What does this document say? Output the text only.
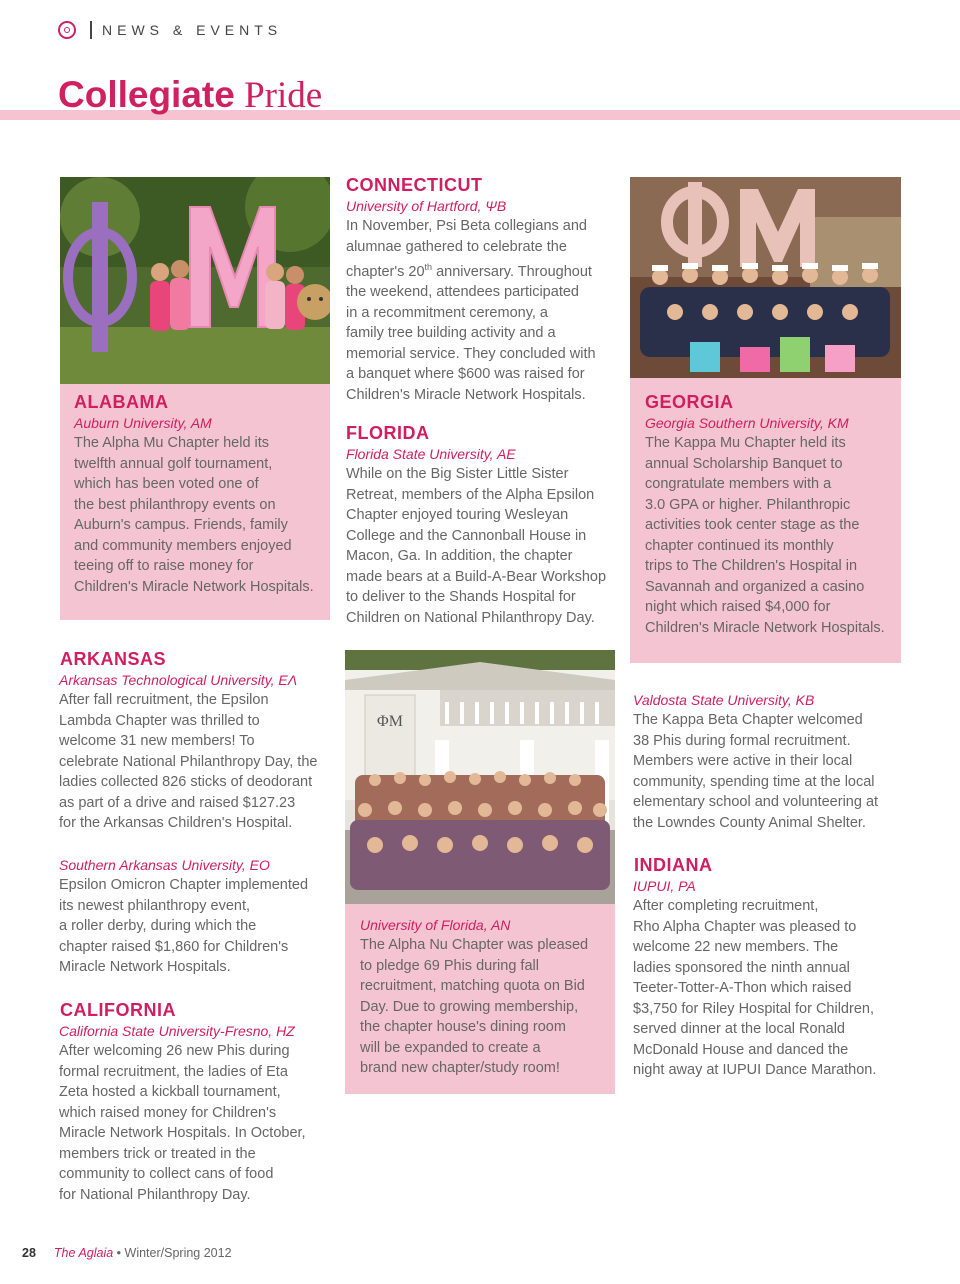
NEWS & EVENTS
Collegiate Pride
ALABAMA
Auburn University, AM
The Alpha Mu Chapter held its
twelfth annual golf tournament,
which has been voted one of
the best philanthropy events on
Auburn's campus. Friends, family
and community members enjoyed
teeing off to raise money for
Children's Miracle Network Hospitals.
ARKANSAS
Arkansas Technological University, EΛ
After fall recruitment, the Epsilon
Lambda Chapter was thrilled to
welcome 31 new members! To
celebrate National Philanthropy Day, the
ladies collected 826 sticks of deodorant
as part of a drive and raised $127.23
for the Arkansas Children's Hospital.
Southern Arkansas University, EO
Epsilon Omicron Chapter implemented
its newest philanthropy event,
a roller derby, during which the
chapter raised $1,860 for Children's
Miracle Network Hospitals.
CALIFORNIA
California State University-Fresno, HZ
After welcoming 26 new Phis during
formal recruitment, the ladies of Eta
Zeta hosted a kickball tournament,
which raised money for Children's
Miracle Network Hospitals. In October,
members trick or treated in the
community to collect cans of food
for National Philanthropy Day.
CONNECTICUT
University of Hartford, ΨB
In November, Psi Beta collegians and
alumnae gathered to celebrate the
chapter's 20th anniversary. Throughout
the weekend, attendees participated
in a recommitment ceremony, a
family tree building activity and a
memorial service. They concluded with
a banquet where $600 was raised for
Children's Miracle Network Hospitals.
FLORIDA
Florida State University, AE
While on the Big Sister Little Sister
Retreat, members of the Alpha Epsilon
Chapter enjoyed touring Wesleyan
College and the Cannonball House in
Macon, Ga. In addition, the chapter
made bears at a Build-A-Bear Workshop
to deliver to the Shands Hospital for
Children on National Philanthropy Day.
ΦM
University of Florida, AN
The Alpha Nu Chapter was pleased
to pledge 69 Phis during fall
recruitment, matching quota on Bid
Day. Due to growing membership,
the chapter house's dining room
will be expanded to create a
brand new chapter/study room!
GEORGIA
Georgia Southern University, KM
The Kappa Mu Chapter held its
annual Scholarship Banquet to
congratulate members with a
3.0 GPA or higher. Philanthropic
activities took center stage as the
chapter continued its monthly
trips to The Children's Hospital in
Savannah and organized a casino
night which raised $4,000 for
Children's Miracle Network Hospitals.
Valdosta State University, KB
The Kappa Beta Chapter welcomed
38 Phis during formal recruitment.
Members were active in their local
community, spending time at the local
elementary school and volunteering at
the Lowndes County Animal Shelter.
INDIANA
IUPUI, PA
After completing recruitment,
Rho Alpha Chapter was pleased to
welcome 22 new members. The
ladies sponsored the ninth annual
Teeter-Totter-A-Thon which raised
$3,750 for Riley Hospital for Children,
served dinner at the local Ronald
McDonald House and danced the
night away at IUPUI Dance Marathon.
28 The Aglaia • Winter/Spring 2012
